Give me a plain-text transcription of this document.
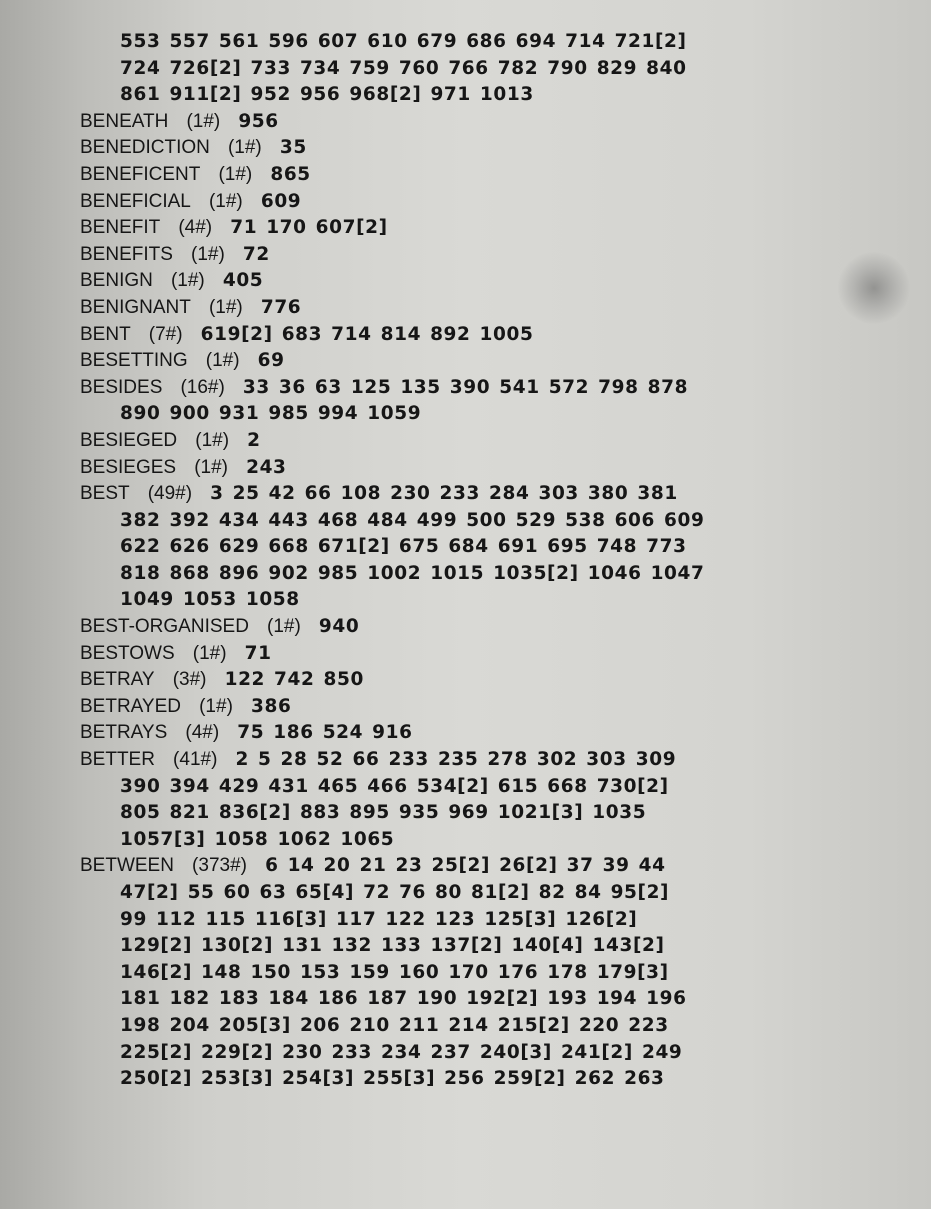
553 557 561 596 607 610 679 686 694 714 721[2]
724 726[2] 733 734 759 760 766 782 790 829 840
861 911[2] 952 956 968[2] 971 1013
BENEATH (1#) 956
BENEDICTION (1#) 35
BENEFICENT (1#) 865
BENEFICIAL (1#) 609
BENEFIT (4#) 71 170 607[2]
BENEFITS (1#) 72
BENIGN (1#) 405
BENIGNANT (1#) 776
BENT (7#) 619[2] 683 714 814 892 1005
BESETTING (1#) 69
BESIDES (16#) 33 36 63 125 135 390 541 572 798 878
890 900 931 985 994 1059
BESIEGED (1#) 2
BESIEGES (1#) 243
BEST (49#) 3 25 42 66 108 230 233 284 303 380 381
382 392 434 443 468 484 499 500 529 538 606 609
622 626 629 668 671[2] 675 684 691 695 748 773
818 868 896 902 985 1002 1015 1035[2] 1046 1047
1049 1053 1058
BEST-ORGANISED (1#) 940
BESTOWS (1#) 71
BETRAY (3#) 122 742 850
BETRAYED (1#) 386
BETRAYS (4#) 75 186 524 916
BETTER (41#) 2 5 28 52 66 233 235 278 302 303 309
390 394 429 431 465 466 534[2] 615 668 730[2]
805 821 836[2] 883 895 935 969 1021[3] 1035
1057[3] 1058 1062 1065
BETWEEN (373#) 6 14 20 21 23 25[2] 26[2] 37 39 44
47[2] 55 60 63 65[4] 72 76 80 81[2] 82 84 95[2]
99 112 115 116[3] 117 122 123 125[3] 126[2]
129[2] 130[2] 131 132 133 137[2] 140[4] 143[2]
146[2] 148 150 153 159 160 170 176 178 179[3]
181 182 183 184 186 187 190 192[2] 193 194 196
198 204 205[3] 206 210 211 214 215[2] 220 223
225[2] 229[2] 230 233 234 237 240[3] 241[2] 249
250[2] 253[3] 254[3] 255[3] 256 259[2] 262 263
